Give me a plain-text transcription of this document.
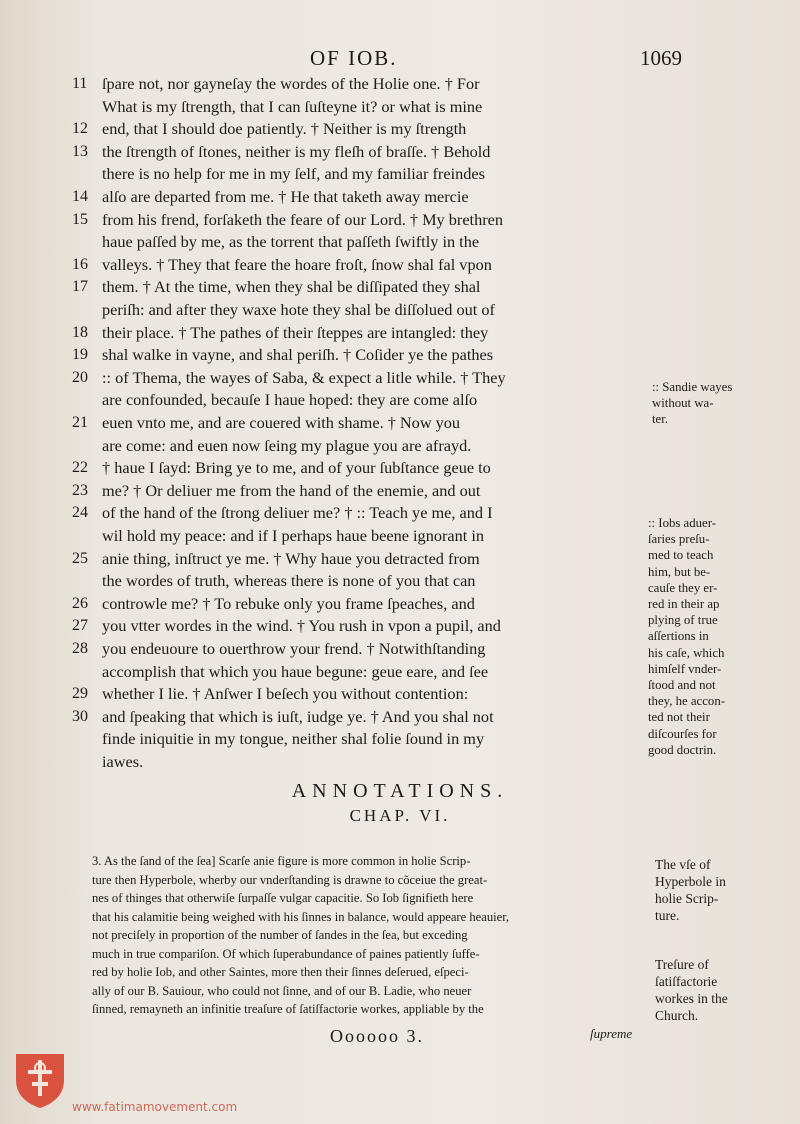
OF IOB.	1069
11 ſpare not, nor gayneſay the wordes of the Holie one. † For
What is my ſtrength, that I can ſuſteyne it? or what is mine
12 end, that I should doe patiently. † Neither is my ſtrength
13 the ſtrength of ſtones, neither is my fleſh of braſſe. † Behold
there is no help for me in my ſelf, and my familiar freindes
14 alſo are departed from me. † He that taketh away mercie
15 from his frend, forſaketh the feare of our Lord. † My brethren
haue paſſed by me, as the torrent that paſſeth ſwiftly in the
16 valleys. † They that feare the hoare froſt, ſnow shal fal vpon
17 them. † At the time, when they shal be diſſipated they shal
periſh: and after they waxe hote they shal be diſſolued out of
18 their place. † The pathes of their ſteppes are intangled: they
19 shal walke in vayne, and shal periſh. † Coſider ye the pathes
20 :: of Thema, the wayes of Saba, & expect a litle while. † They
are confounded, becauſe I haue hoped: they are come alſo
21 euen vnto me, and are couered with shame. † Now you
are come: and euen now ſeing my plague you are afrayd.
22 † haue I ſayd: Bring ye to me, and of your ſubſtance geue to
23 me? † Or deliuer me from the hand of the enemie, and out
24 of the hand of the ſtrong deliuer me? † :: Teach ye me, and I
wil hold my peace: and if I perhaps haue beene ignorant in
25 anie thing, inſtruct ye me. † Why haue you detracted from
the wordes of truth, whereas there is none of you that can
26 controwle me? † To rebuke only you frame ſpeaches, and
27 you vtter wordes in the wind. † You rush in vpon a pupil, and
28 you endeuoure to ouerthrow your frend. † Notwithſtanding
accomplish that which you haue begune: geue eare, and ſee
29 whether I lie. † Anſwer I beſech you without contention:
30 and ſpeaking that which is iuſt, iudge ye. † And you shal not
finde iniquitie in my tongue, neither shal folie ſound in my
iawes.
:: Sandie wayes
without wa-
ter.
:: Iobs aduer-
ſaries preſu-
med to teach
him, but be-
cauſe they er-
red in their ap
plying of true
aſſertions in
his caſe, which
himſelf vnder-
ſtood and not
they, he accon-
ted not their
diſcourſes for
good doctrin.
ANNOTATIONS.
CHAP. VI.
3. As the ſand of the ſea] Scarſe anie figure is more common in holie Scrip-
ture then Hyperbole, wherby our vnderſtanding is drawne to cõceiue the great-
nes of thinges that otherwiſe ſurpaſſe vulgar capacitie. So Iob ſignifieth here
that his calamitie being weighed with his ſinnes in balance, would appeare heauier,
not preciſely in proportion of the number of ſandes in the ſea, but exceding
much in true compariſon. Of which ſuperabundance of paines patiently ſuffe-
red by holie Iob, and other Saintes, more then their ſinnes deſerued, eſpeci-
ally of our B. Sauiour, who could not ſinne, and of our B. Ladie, who neuer
ſinned, remayneth an infinitie treaſure of ſatiſfactorie workes, appliable by the
The vſe of
Hyperbole in
holie Scrip-
ture.
Treſure of
ſatiſfactorie
workes in the
Church.
Oooooo 3.	ſupreme
www.fatimamovement.com
